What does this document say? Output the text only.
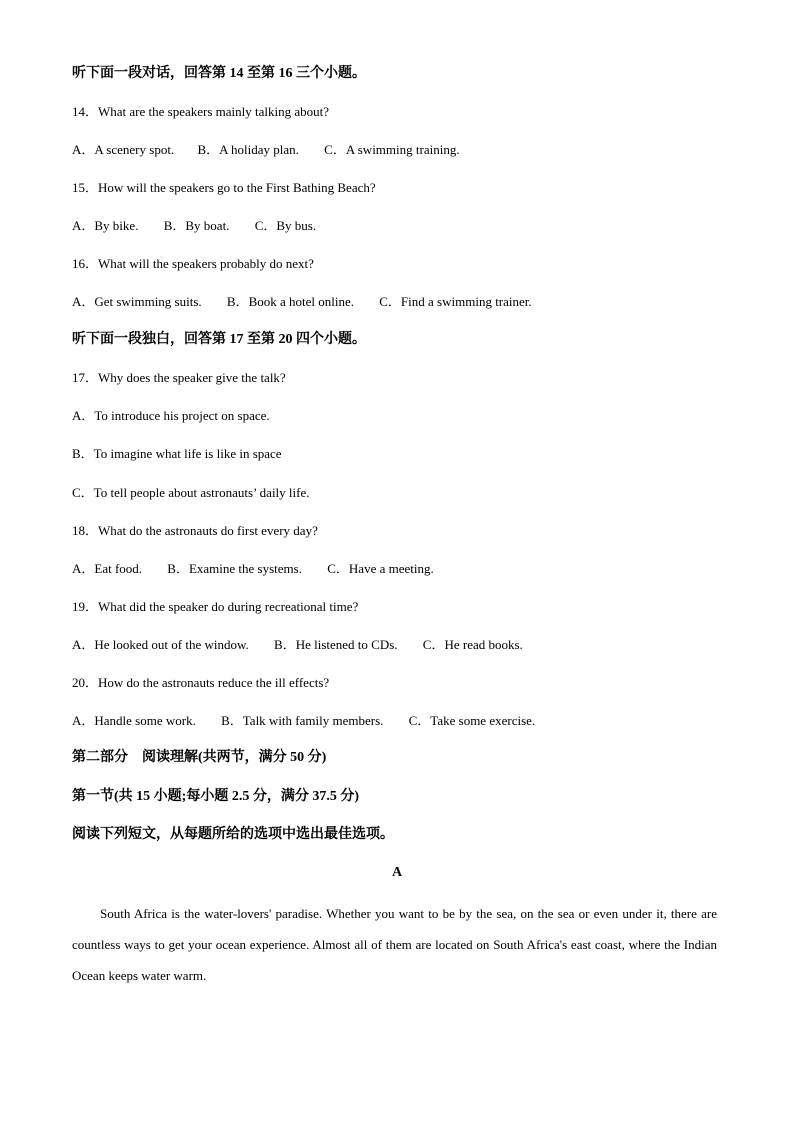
听下面一段对话，回答第 14 至第 16 三个小题。
14．What are the speakers mainly talking about?
A．A scenery spot. B．A holiday plan. C．A swimming training.
15．How will the speakers go to the First Bathing Beach?
A．By bike. B．By boat. C．By bus.
16．What will the speakers probably do next?
A．Get swimming suits. B．Book a hotel online. C．Find a swimming trainer.
听下面一段独白，回答第 17 至第 20 四个小题。
17．Why does the speaker give the talk?
A．To introduce his project on space.
B．To imagine what life is like in space
C．To tell people about astronauts’ daily life.
18．What do the astronauts do first every day?
A．Eat food. B．Examine the systems. C．Have a meeting.
19．What did the speaker do during recreational time?
A．He looked out of the window. B．He listened to CDs. C．He read books.
20．How do the astronauts reduce the ill effects?
A．Handle some work. B．Talk with family members. C．Take some exercise.
第二部分　阅读理解(共两节，满分 50 分)
第一节(共 15 小题;每小题 2.5 分，满分 37.5 分)
阅读下列短文，从每题所给的选项中选出最佳选项。
A
South Africa is the water-lovers' paradise. Whether you want to be by the sea, on the sea or even under it, there are countless ways to get your ocean experience. Almost all of them are located on South Africa's east coast, where the Indian Ocean keeps water warm.
